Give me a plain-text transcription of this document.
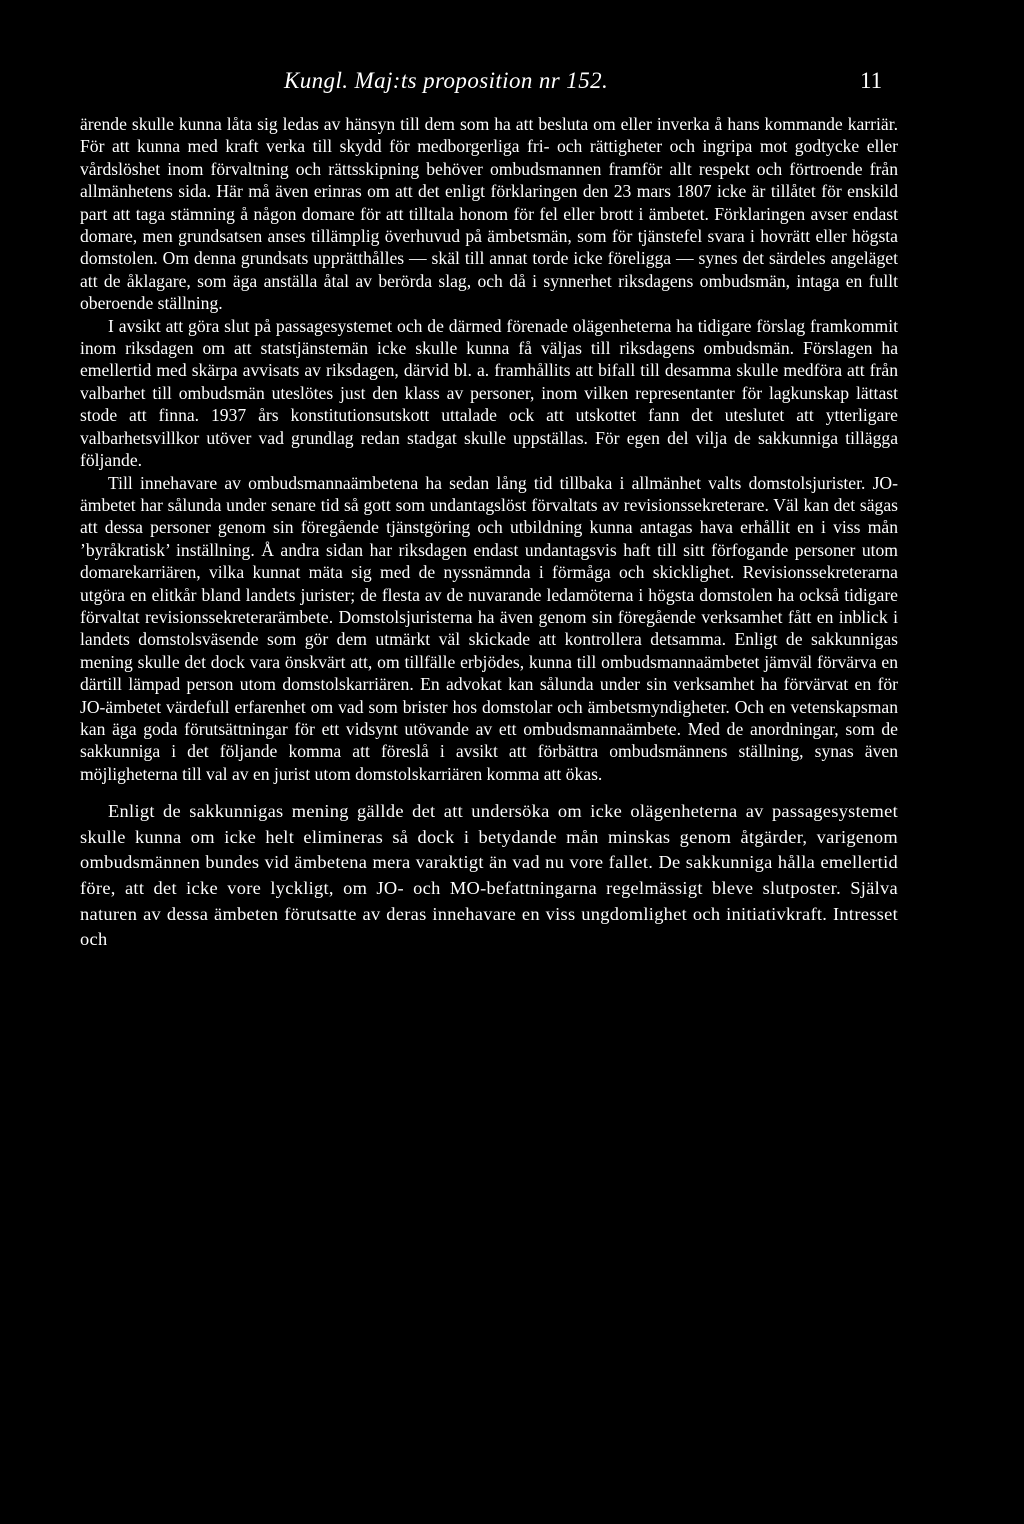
Kungl. Maj:ts proposition nr 152.	11

ärende skulle kunna låta sig ledas av hänsyn till dem som ha att besluta om eller inverka å hans kommande karriär. För att kunna med kraft verka till skydd för medborgerliga fri- och rättigheter och ingripa mot godtycke eller vårdslöshet inom förvaltning och rättsskipning behöver ombudsmannen framför allt respekt och förtroende från allmänhetens sida. Här må även erinras om att det enligt förklaringen den 23 mars 1807 icke är tillåtet för enskild part att taga stämning å någon domare för att tilltala honom för fel eller brott i ämbetet. Förklaringen avser endast domare, men grundsatsen anses tillämplig överhuvud på ämbetsmän, som för tjänstefel svara i hovrätt eller högsta domstolen. Om denna grundsats upprätthålles — skäl till annat torde icke föreligga — synes det särdeles angeläget att de åklagare, som äga anställa åtal av berörda slag, och då i synnerhet riksdagens ombudsmän, intaga en fullt oberoende ställning.

I avsikt att göra slut på passagesystemet och de därmed förenade olägenheterna ha tidigare förslag framkommit inom riksdagen om att statstjänstemän icke skulle kunna få väljas till riksdagens ombudsmän. Förslagen ha emellertid med skärpa avvisats av riksdagen, därvid bl. a. framhållits att bifall till desamma skulle medföra att från valbarhet till ombudsmän uteslötes just den klass av personer, inom vilken representanter för lagkunskap lättast stode att finna. 1937 års konstitutionsutskott uttalade ock att utskottet fann det uteslutet att ytterligare valbarhetsvillkor utöver vad grundlag redan stadgat skulle uppställas. För egen del vilja de sakkunniga tillägga följande.

Till innehavare av ombudsmannaämbetena ha sedan lång tid tillbaka i allmänhet valts domstolsjurister. JO-ämbetet har sålunda under senare tid så gott som undantagslöst förvaltats av revisionssekreterare. Väl kan det sägas att dessa personer genom sin föregående tjänstgöring och utbildning kunna antagas hava erhållit en i viss mån ’byråkratisk’ inställning. Å andra sidan har riksdagen endast undantagsvis haft till sitt förfogande personer utom domarekarriären, vilka kunnat mäta sig med de nyssnämnda i förmåga och skicklighet. Revisionssekreterarna utgöra en elitkår bland landets jurister; de flesta av de nuvarande ledamöterna i högsta domstolen ha också tidigare förvaltat revisionssekreterarämbete. Domstolsjuristerna ha även genom sin föregående verksamhet fått en inblick i landets domstolsväsende som gör dem utmärkt väl skickade att kontrollera detsamma. Enligt de sakkunnigas mening skulle det dock vara önskvärt att, om tillfälle erbjödes, kunna till ombudsmannaämbetet jämväl förvärva en därtill lämpad person utom domstolskarriären. En advokat kan sålunda under sin verksamhet ha förvärvat en för JO-ämbetet värdefull erfarenhet om vad som brister hos domstolar och ämbetsmyndigheter. Och en vetenskapsman kan äga goda förutsättningar för ett vidsynt utövande av ett ombudsmannaämbete. Med de anordningar, som de sakkunniga i det följande komma att föreslå i avsikt att förbättra ombudsmännens ställning, synas även möjligheterna till val av en jurist utom domstolskarriären komma att ökas.

Enligt de sakkunnigas mening gällde det att undersöka om icke olägenheterna av passagesystemet skulle kunna om icke helt elimineras så dock i betydande mån minskas genom åtgärder, varigenom ombudsmännen bundes vid ämbetena mera varaktigt än vad nu vore fallet. De sakkunniga hålla emellertid före, att det icke vore lyckligt, om JO- och MO-befattningarna regelmässigt bleve slutposter. Själva naturen av dessa ämbeten förutsatte av deras innehavare en viss ungdomlighet och initiativkraft. Intresset och
